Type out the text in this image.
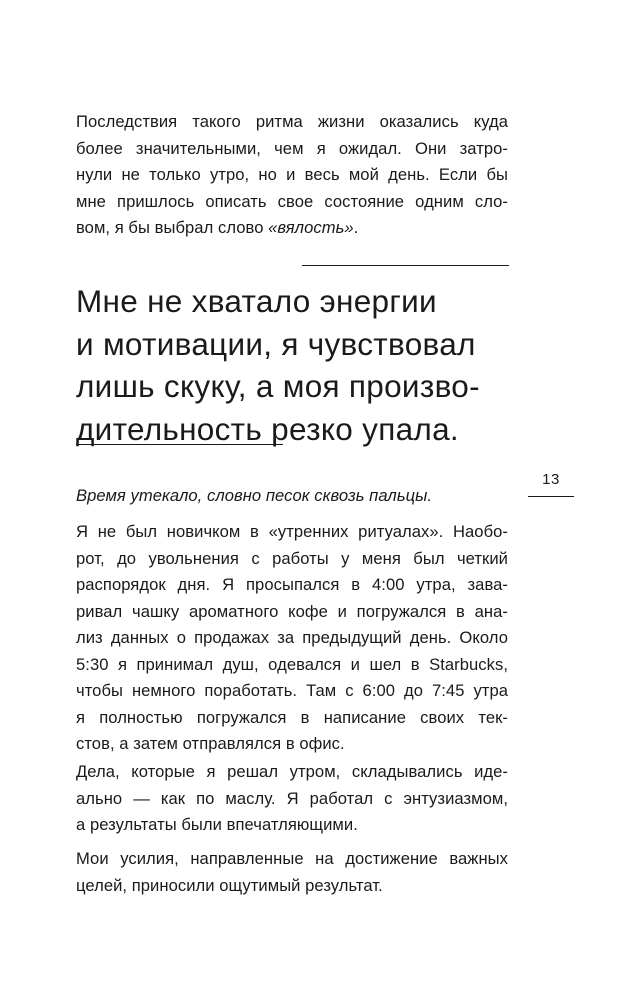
Последствия такого ритма жизни оказались куда
более значительными, чем я ожидал. Они затро-
нули не только утро, но и весь мой день. Если бы
мне пришлось описать свое состояние одним сло-
вом, я бы выбрал слово «вялость».

Мне не хватало энергии
и мотивации, я чувствовал
лишь скуку, а моя произво-
дительность резко упала.

Время утекало, словно песок сквозь пальцы.

13

Я не был новичком в «утренних ритуалах». Наобо-
рот, до увольнения с работы у меня был четкий
распорядок дня. Я просыпался в 4:00 утра, зава-
ривал чашку ароматного кофе и погружался в ана-
лиз данных о продажах за предыдущий день. Около
5:30 я принимал душ, одевался и шел в Starbucks,
чтобы немного поработать. Там с 6:00 до 7:45 утра
я полностью погружался в написание своих тек-
стов, а затем отправлялся в офис.

Дела, которые я решал утром, складывались иде-
ально — как по маслу. Я работал с энтузиазмом,
а результаты были впечатляющими.

Мои усилия, направленные на достижение важных
целей, приносили ощутимый результат.
